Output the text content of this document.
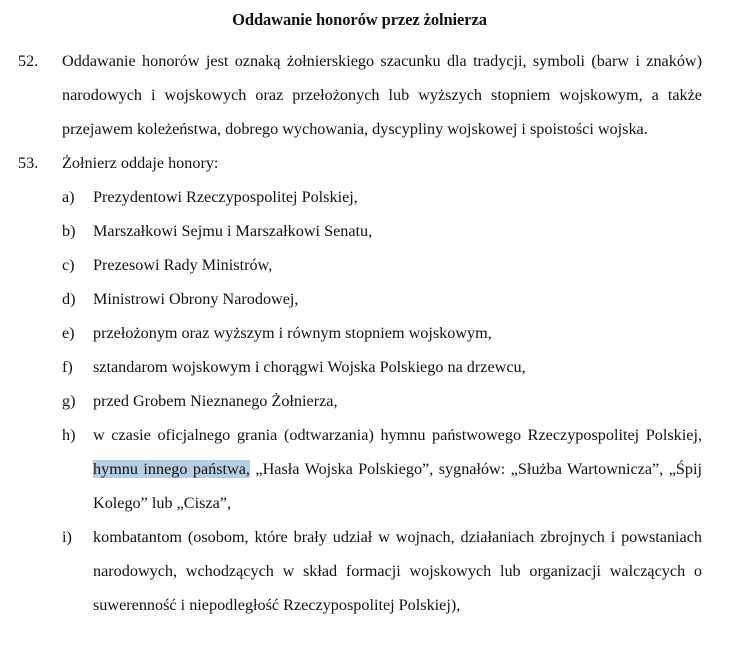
Oddawanie honorów przez żolnierza
52.	Oddawanie honorów jest oznaką żołnierskiego szacunku dla tradycji, symboli (barw i znaków) narodowych i wojskowych oraz przełożonych lub wyższych stopniem wojskowym, a także przejawem koleżeństwa, dobrego wychowania, dyscypliny wojskowej i spoistości wojska.
53.	Żołnierz oddaje honory:
a)	Prezydentowi Rzeczypospolitej Polskiej,
b)	Marszałkowi Sejmu i Marszałkowi Senatu,
c)	Prezesowi Rady Ministrów,
d)	Ministrowi Obrony Narodowej,
e)	przełożonym oraz wyższym i równym stopniem wojskowym,
f)	sztandarom wojskowym i chorągwi Wojska Polskiego na drzewcu,
g)	przed Grobem Nieznanego Żołnierza,
h)	w czasie oficjalnego grania (odtwarzania) hymnu państwowego Rzeczypospolitej Polskiej, hymnu innego państwa, „Hasła Wojska Polskiego”, sygnałów: „Służba Wartownicza”, „Śpij Kolego” lub „Cisza”,
i)	kombatantom (osobom, które brały udział w wojnach, działaniach zbrojnych i powstaniach narodowych, wchodzących w skład formacji wojskowych lub organizacji walczących o suwerenność i niepodległość Rzeczypospolitej Polskiej),
